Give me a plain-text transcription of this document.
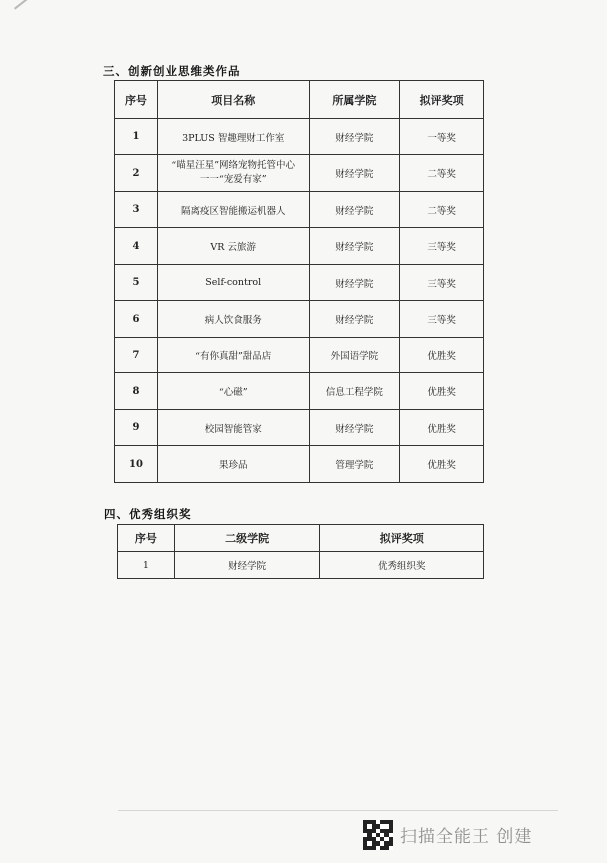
三、创新创业思维类作品
序号	项目名称	所属学院	拟评奖项
1	3PLUS 智趣理财工作室	财经学院	一等奖
2	“喵星汪星”网络宠物托管中心一一“宠爱有家”	财经学院	二等奖
3	隔离疫区智能搬运机器人	财经学院	二等奖
4	VR 云旅游	财经学院	三等奖
5	Self-control	财经学院	三等奖
6	病人饮食服务	财经学院	三等奖
7	“有你真甜”甜品店	外国语学院	优胜奖
8	“心磁”	信息工程学院	优胜奖
9	校园智能管家	财经学院	优胜奖
10	果珍品	管理学院	优胜奖
四、优秀组织奖
序号	二级学院	拟评奖项
1	财经学院	优秀组织奖
扫描全能王 创建
